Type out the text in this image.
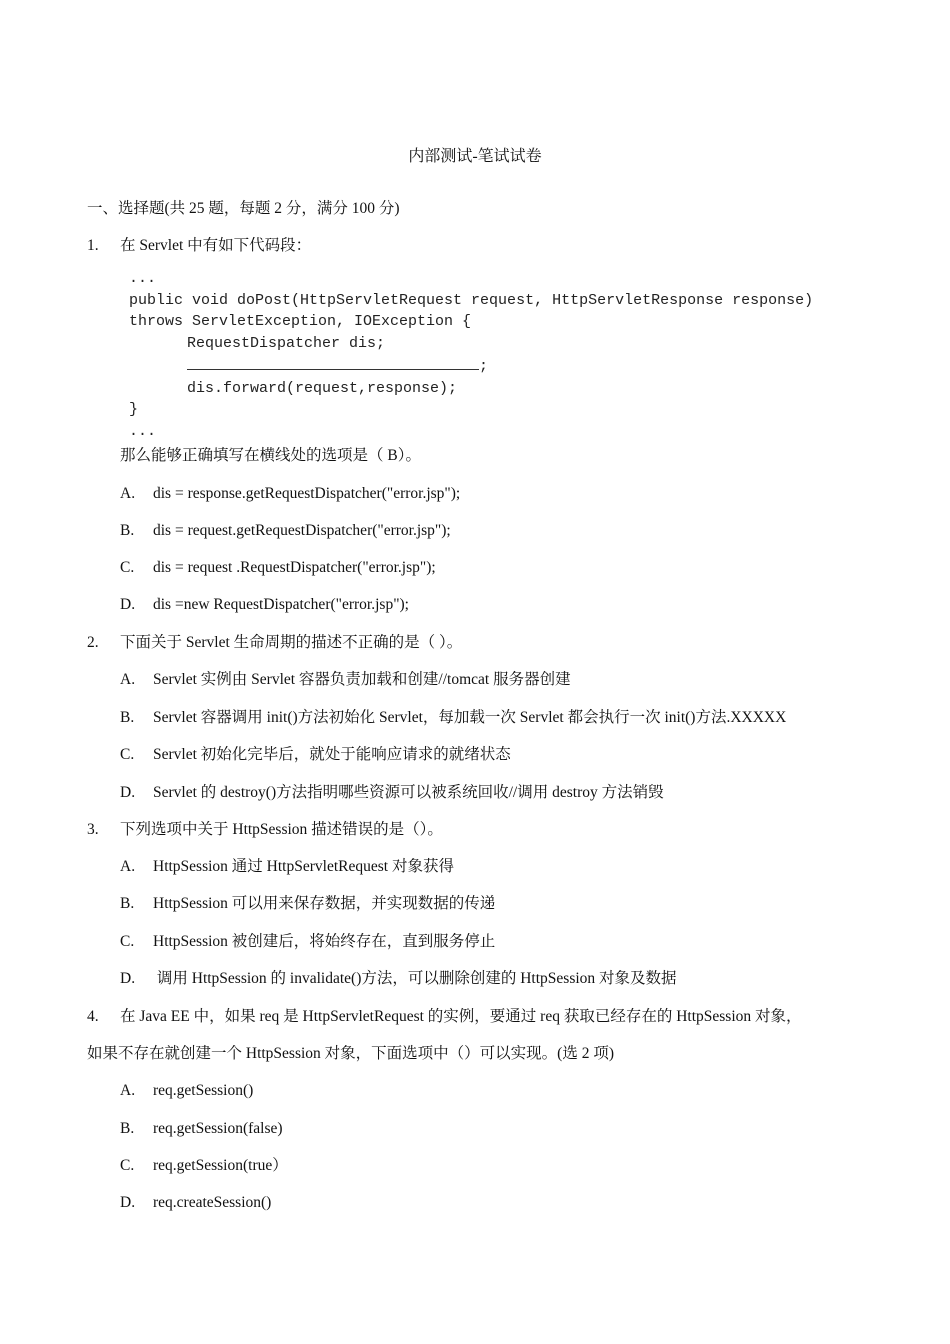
内部测试-笔试试卷
一、选择题(共 25 题，每题 2 分，满分 100 分)
1. 在 Servlet 中有如下代码段：
...
public void doPost(HttpServletRequest request, HttpServletResponse response)
throws ServletException, IOException {
RequestDispatcher dis;
;
dis.forward(request,response);
}
...
那么能够正确填写在横线处的选项是（ B）。
A. dis = response.getRequestDispatcher("error.jsp");
B. dis = request.getRequestDispatcher("error.jsp");
C. dis = request .RequestDispatcher("error.jsp");
D. dis =new RequestDispatcher("error.jsp");
2. 下面关于 Servlet 生命周期的描述不正确的是（ ）。
A. Servlet 实例由 Servlet 容器负责加载和创建//tomcat 服务器创建
B. Servlet 容器调用 init()方法初始化 Servlet，每加载一次 Servlet 都会执行一次 init()方法.XXXXX
C. Servlet 初始化完毕后，就处于能响应请求的就绪状态
D. Servlet 的 destroy()方法指明哪些资源可以被系统回收//调用 destroy 方法销毁
3. 下列选项中关于 HttpSession 描述错误的是（）。
A. HttpSession 通过 HttpServletRequest 对象获得
B. HttpSession 可以用来保存数据，并实现数据的传递
C. HttpSession 被创建后，将始终存在，直到服务停止
D. 调用 HttpSession 的 invalidate()方法，可以删除创建的 HttpSession 对象及数据
4. 在 Java EE 中，如果 req 是 HttpServletRequest 的实例，要通过 req 获取已经存在的 HttpSession 对象，
如果不存在就创建一个 HttpSession 对象，下面选项中（）可以实现。(选 2 项)
A. req.getSession()
B. req.getSession(false)
C. req.getSession(true）
D. req.createSession()
